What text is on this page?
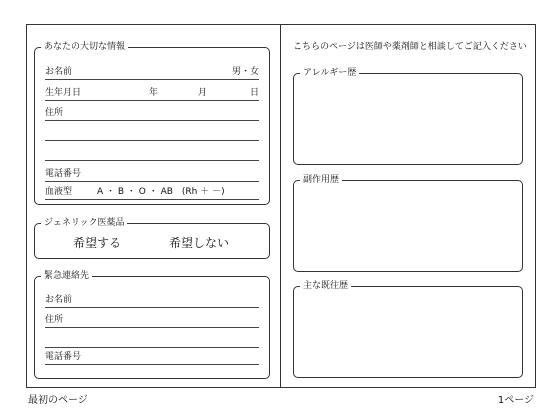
あなたの大切な情報
お名前	男・女
生年月日	年	月	日
住所
電話番号
血液型	A ・ B ・ O ・ AB　(Rh ＋ －)
ジェネリック医薬品
希望する	希望しない
緊急連絡先
お名前
住所
電話番号
こちらのページは医師や薬剤師と相談してご記入ください
アレルギー歴
副作用歴
主な既往歴
最初のページ	1ページ
